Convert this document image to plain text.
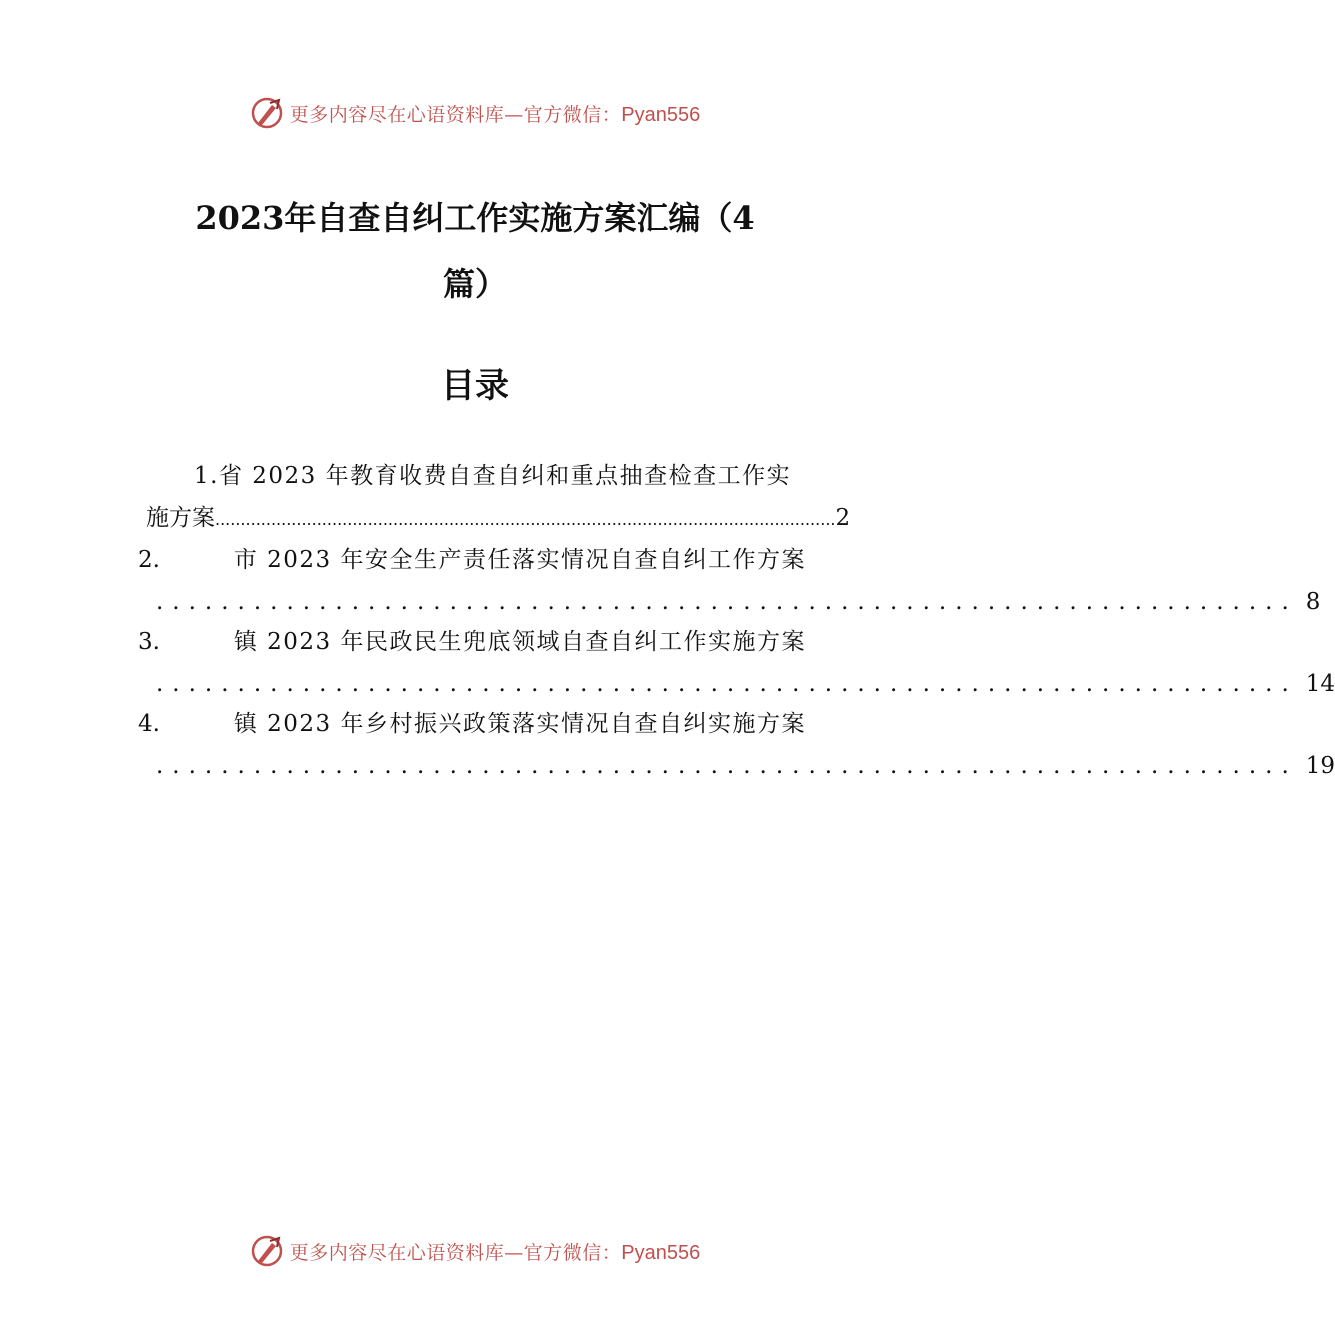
更多内容尽在心语资料库—官方微信：Pyan556
2023年自查自纠工作实施方案汇编（4
篇）
目录
1.省 2023 年教育收费自查自纠和重点抽查检查工作实
施方案 .......................................................................................................................... 2
2.	市 2023 年安全生产责任落实情况自查自纠工作方案
...................................................................... 8
3.	镇 2023 年民政民生兜底领域自查自纠工作实施方案
...................................................................... 14
4.	镇 2023 年乡村振兴政策落实情况自查自纠实施方案
...................................................................... 19
更多内容尽在心语资料库—官方微信：Pyan556
